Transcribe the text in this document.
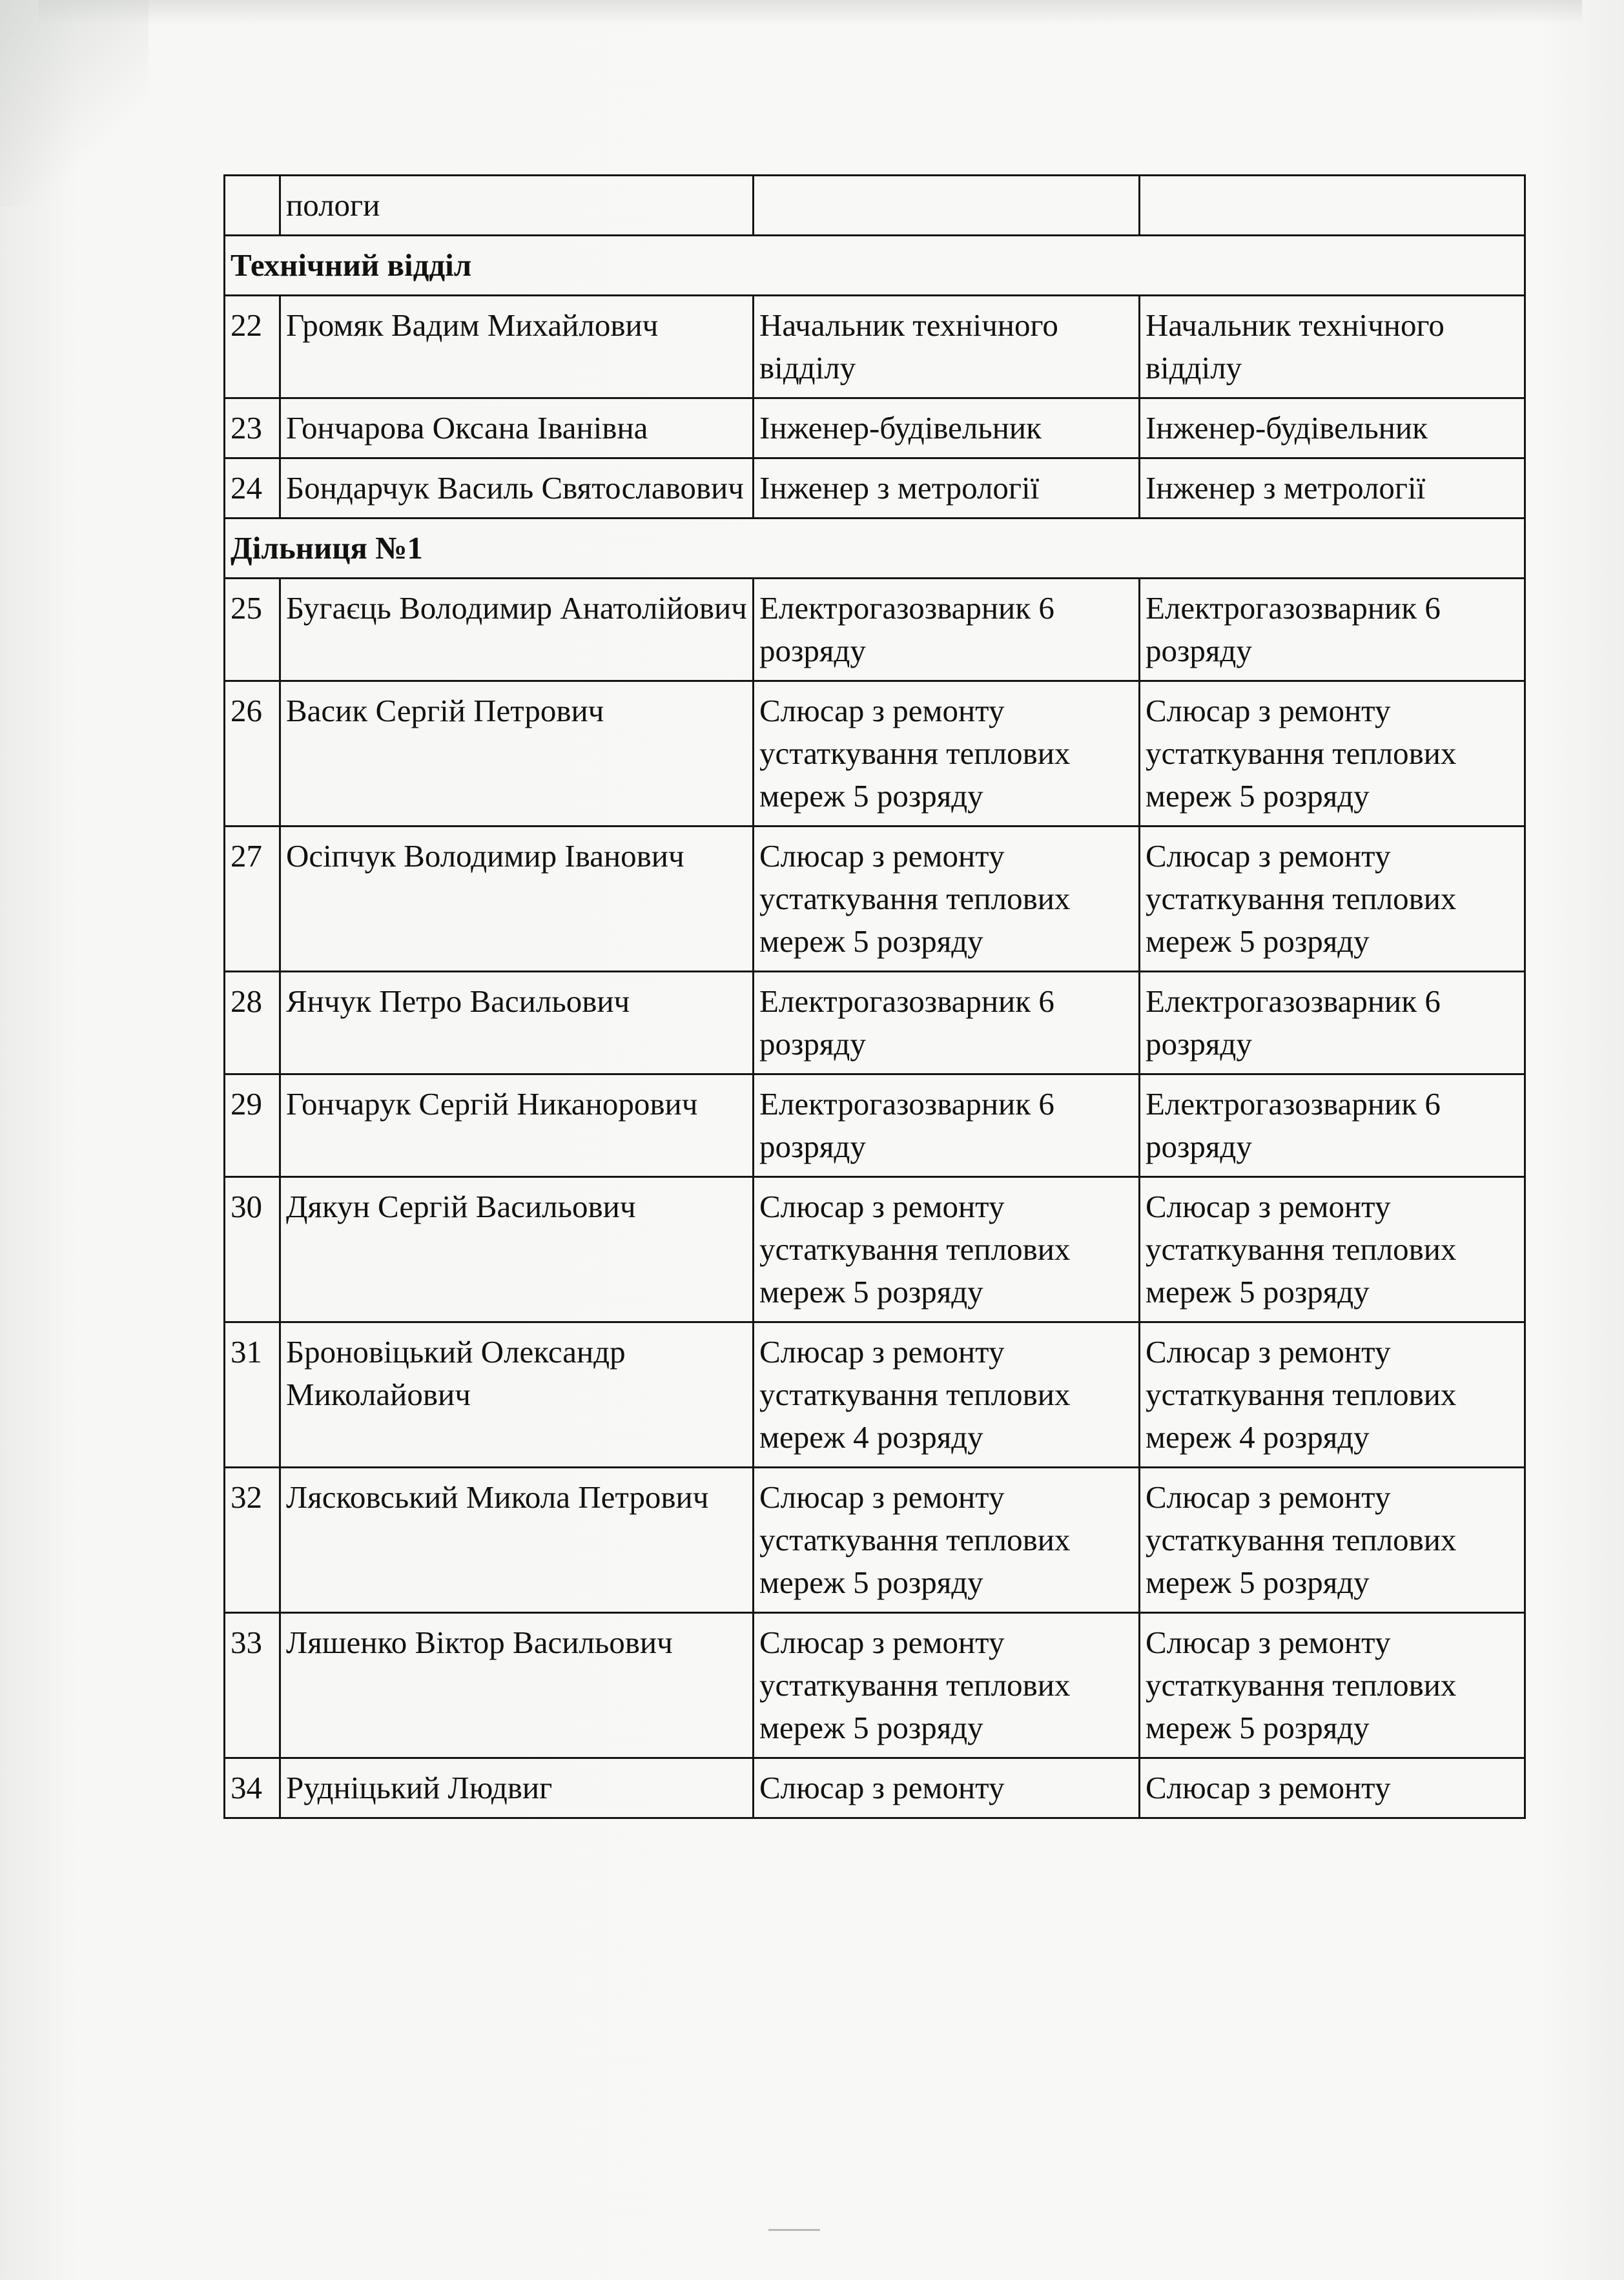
	пологи		
Технічний відділ			
22	Громяк Вадим Михайлович	Начальник технічного відділу	Начальник технічного відділу
23	Гончарова Оксана Іванівна	Інженер-будівельник	Інженер-будівельник
24	Бондарчук Василь Святославович	Інженер з метрології	Інженер з метрології
Дільниця №1			
25	Бугаєць Володимир Анатолійович	Електрогазозварник 6 розряду	Електрогазозварник 6 розряду
26	Васик Сергій Петрович	Слюсар з ремонту устаткування теплових мереж 5 розряду	Слюсар з ремонту устаткування теплових мереж 5 розряду
27	Осіпчук Володимир Іванович	Слюсар з ремонту устаткування теплових мереж 5 розряду	Слюсар з ремонту устаткування теплових мереж 5 розряду
28	Янчук Петро Васильович	Електрогазозварник 6 розряду	Електрогазозварник 6 розряду
29	Гончарук Сергій Никанорович	Електрогазозварник 6 розряду	Електрогазозварник 6 розряду
30	Дякун Сергій Васильович	Слюсар з ремонту устаткування теплових мереж 5 розряду	Слюсар з ремонту устаткування теплових мереж 5 розряду
31	Броновіцький Олександр Миколайович	Слюсар з ремонту устаткування теплових мереж 4 розряду	Слюсар з ремонту устаткування теплових мереж 4 розряду
32	Лясковський Микола Петрович	Слюсар з ремонту устаткування теплових мереж 5 розряду	Слюсар з ремонту устаткування теплових мереж 5 розряду
33	Ляшенко Віктор Васильович	Слюсар з ремонту устаткування теплових мереж 5 розряду	Слюсар з ремонту устаткування теплових мереж 5 розряду
34	Рудніцький Людвиг	Слюсар з ремонту	Слюсар з ремонту
